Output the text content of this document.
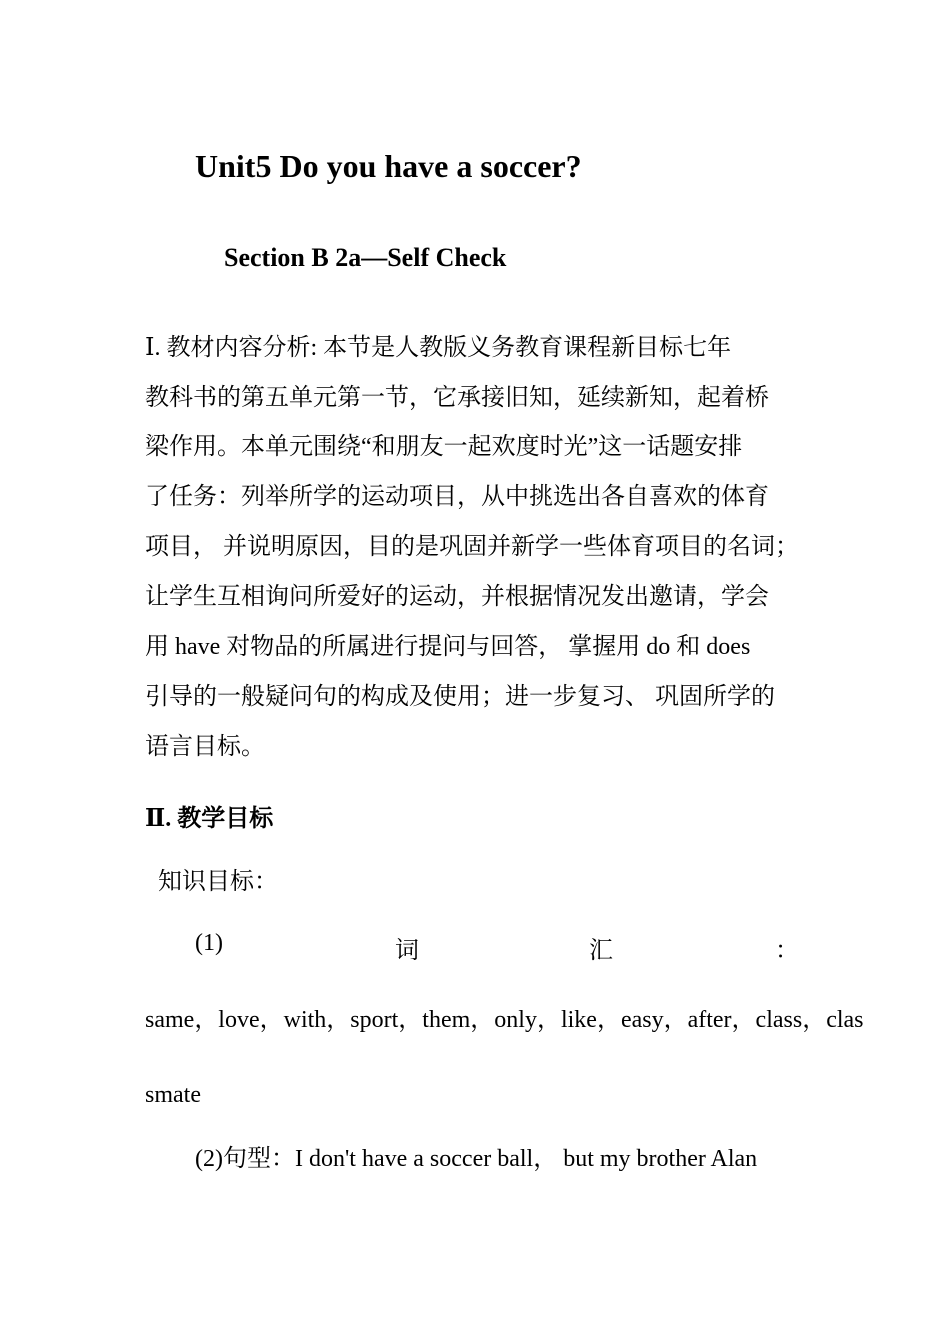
Unit5 Do you have a soccer?
Section B 2a—Self Check
Ⅰ. 教材内容分析: 本节是人教版义务教育课程新目标七年
教科书的第五单元第一节，它承接旧知，延续新知，起着桥
梁作用。本单元围绕“和朋友一起欢度时光”这一话题安排
了任务：列举所学的运动项目，从中挑选出各自喜欢的体育
项目， 并说明原因，目的是巩固并新学一些体育项目的名词；
让学生互相询问所爱好的运动，并根据情况发出邀请，学会
用 have 对物品的所属进行提问与回答， 掌握用 do 和 does
引导的一般疑问句的构成及使用；进一步复习、 巩固所学的
语言目标。
Ⅱ. 教学目标
知识目标：
(1)	词	汇	：
same，love，with，sport，them，only，like，easy，after，class，clas
smate
(2)句型：I don't have a soccer ball， but my brother Alan
